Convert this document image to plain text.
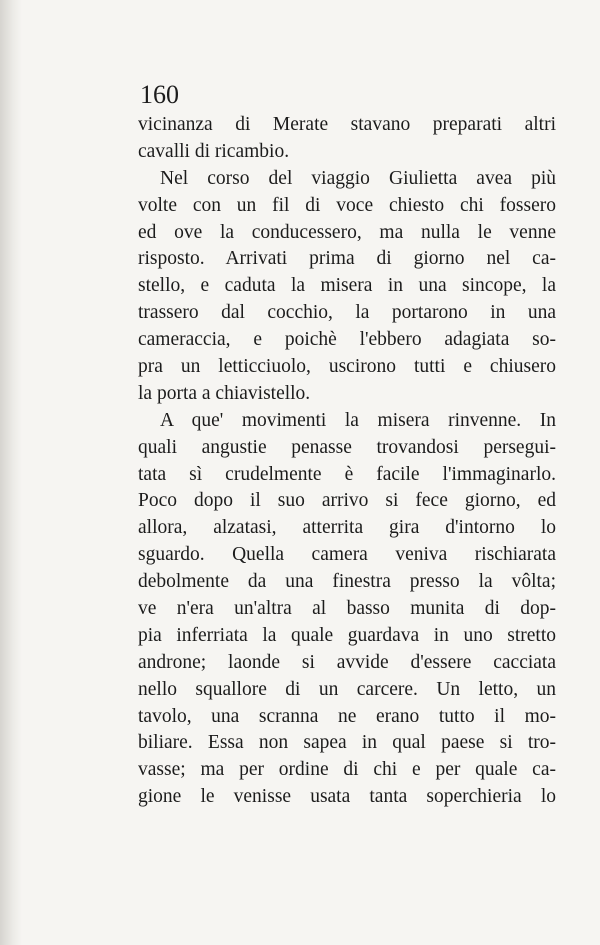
160
vicinanza di Merate stavano preparati altri
cavalli di ricambio.
Nel corso del viaggio Giulietta avea più
volte con un fil di voce chiesto chi fossero
ed ove la conducessero, ma nulla le venne
risposto. Arrivati prima di giorno nel ca-
stello, e caduta la misera in una sincope, la
trassero dal cocchio, la portarono in una
cameraccia, e poichè l'ebbero adagiata so-
pra un letticciuolo, uscirono tutti e chiusero
la porta a chiavistello.
A que' movimenti la misera rinvenne. In
quali angustie penasse trovandosi persegui-
tata sì crudelmente è facile l'immaginarlo.
Poco dopo il suo arrivo si fece giorno, ed
allora, alzatasi, atterrita gira d'intorno lo
sguardo. Quella camera veniva rischiarata
debolmente da una finestra presso la vôlta;
ve n'era un'altra al basso munita di dop-
pia inferriata la quale guardava in uno stretto
androne; laonde si avvide d'essere cacciata
nello squallore di un carcere. Un letto, un
tavolo, una scranna ne erano tutto il mo-
biliare. Essa non sapea in qual paese si tro-
vasse; ma per ordine di chi e per quale ca-
gione le venisse usata tanta soperchieria lo
